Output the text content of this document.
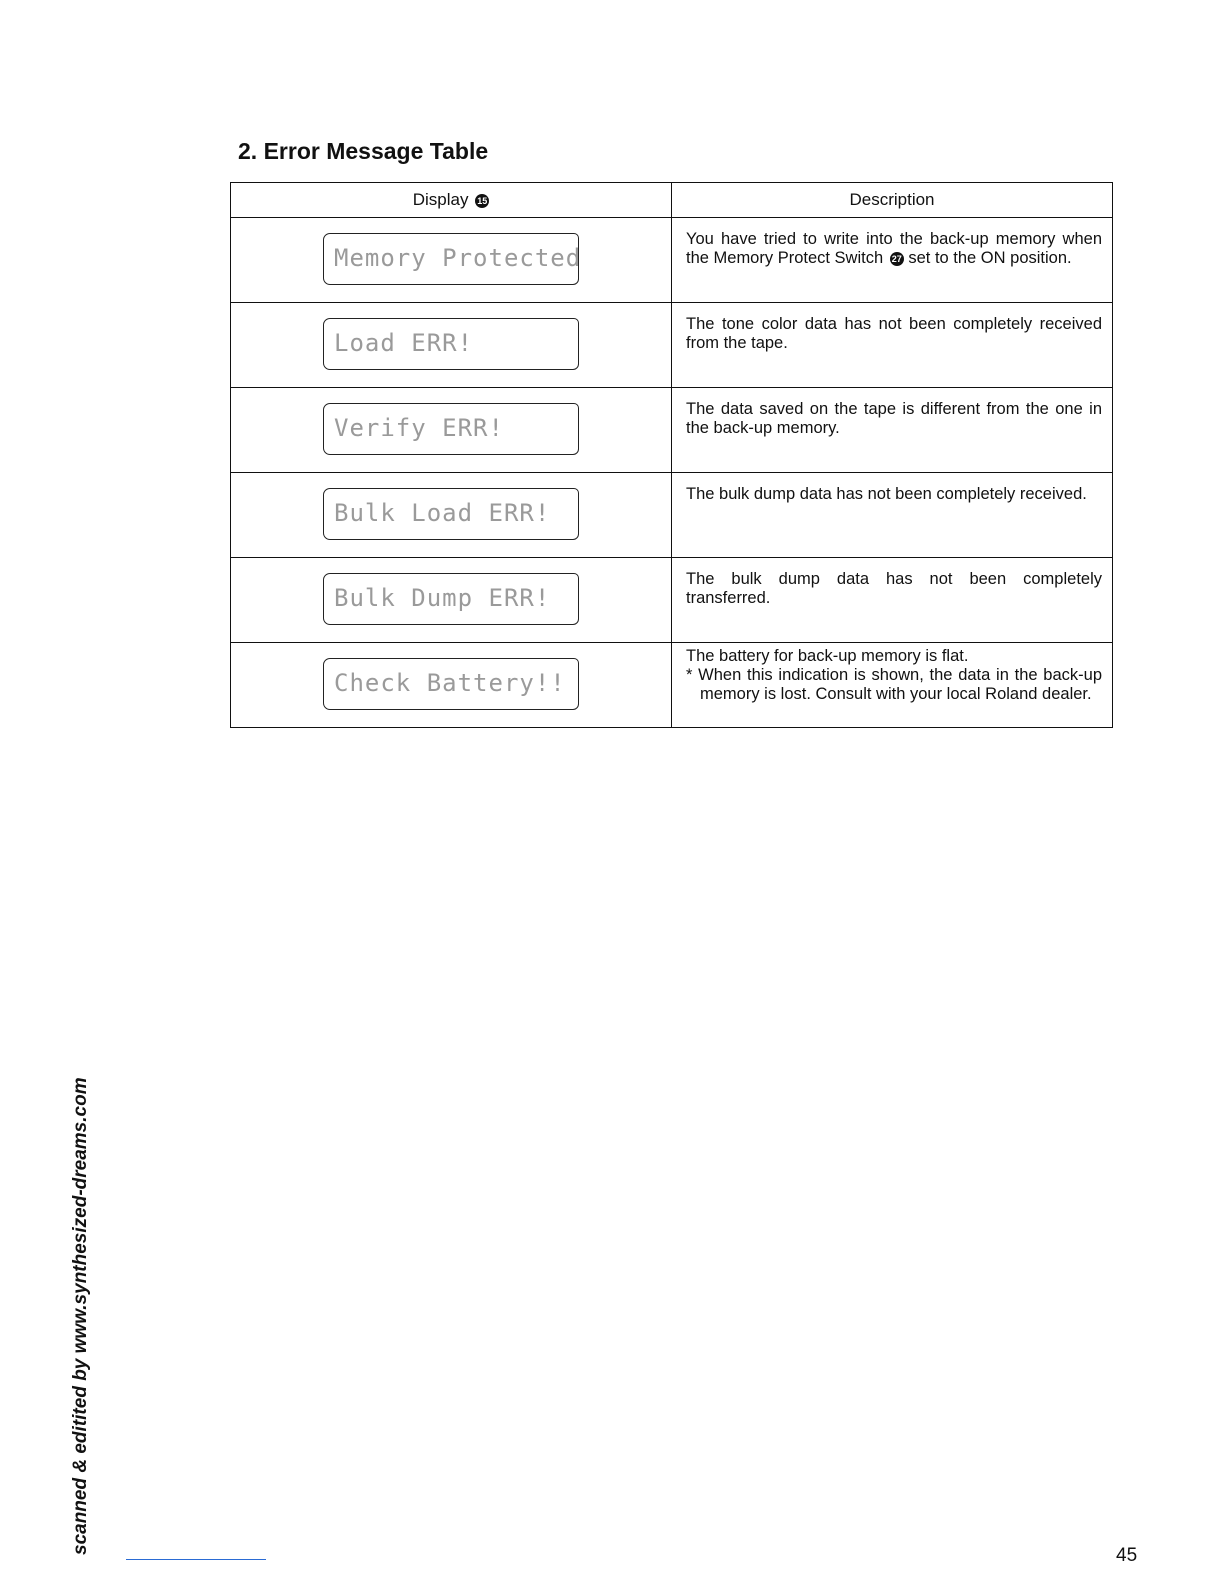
2. Error Message Table
Display 15	Description

Memory Protected	You have tried to write into the back-up memory when the Memory Protect Switch 27 set to the ON position.

Load ERR!	The tone color data has not been completely received from the tape.

Verify ERR!	The data saved on the tape is different from the one in the back-up memory.

Bulk Load ERR!	The bulk dump data has not been completely received.

Bulk Dump ERR!	The bulk dump data has not been completely transferred.

Check Battery!!	The battery for back-up memory is flat.
* When this indication is shown, the data in the back-up memory is lost. Consult with your local Roland dealer.
scanned & editited by www.synthesized-dreams.com
45
